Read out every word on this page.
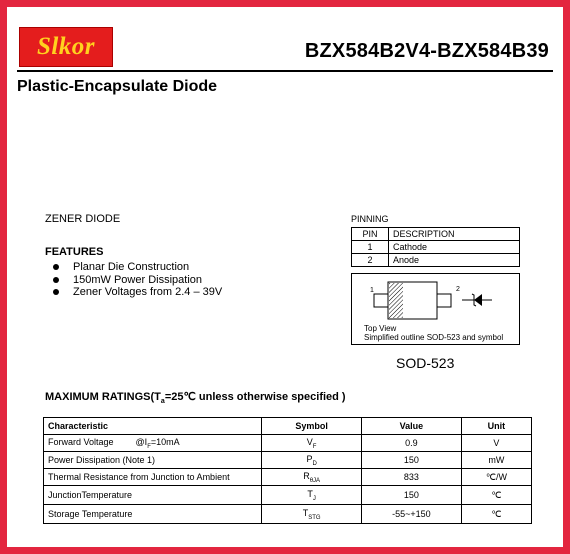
Slkor	BZX584B2V4-BZX584B39
Plastic-Encapsulate Diode
ZENER DIODE
FEATURES
Planar Die Construction
150mW Power Dissipation
Zener Voltages from 2.4 – 39V
PINNING
PIN	DESCRIPTION
1	Cathode
2	Anode
1	2
Top View
Simplified outline SOD-523 and symbol
SOD-523
MAXIMUM $RATINGS(T_a=25℃$ unless otherwise specified )
Characteristic	Symbol	Value	Unit
Forward Voltage $@I_F=10mA$	$V_F$	0.9	V
Power Dissipation (Note 1)	$P_D$	150	mW
Thermal Resistance from Junction to Ambient	$R_{\theta JA}$	833	℃/W
JunctionTemperature	$T_J$	150	℃
Storage Temperature	$T_{STG}$	-55~+150	℃
